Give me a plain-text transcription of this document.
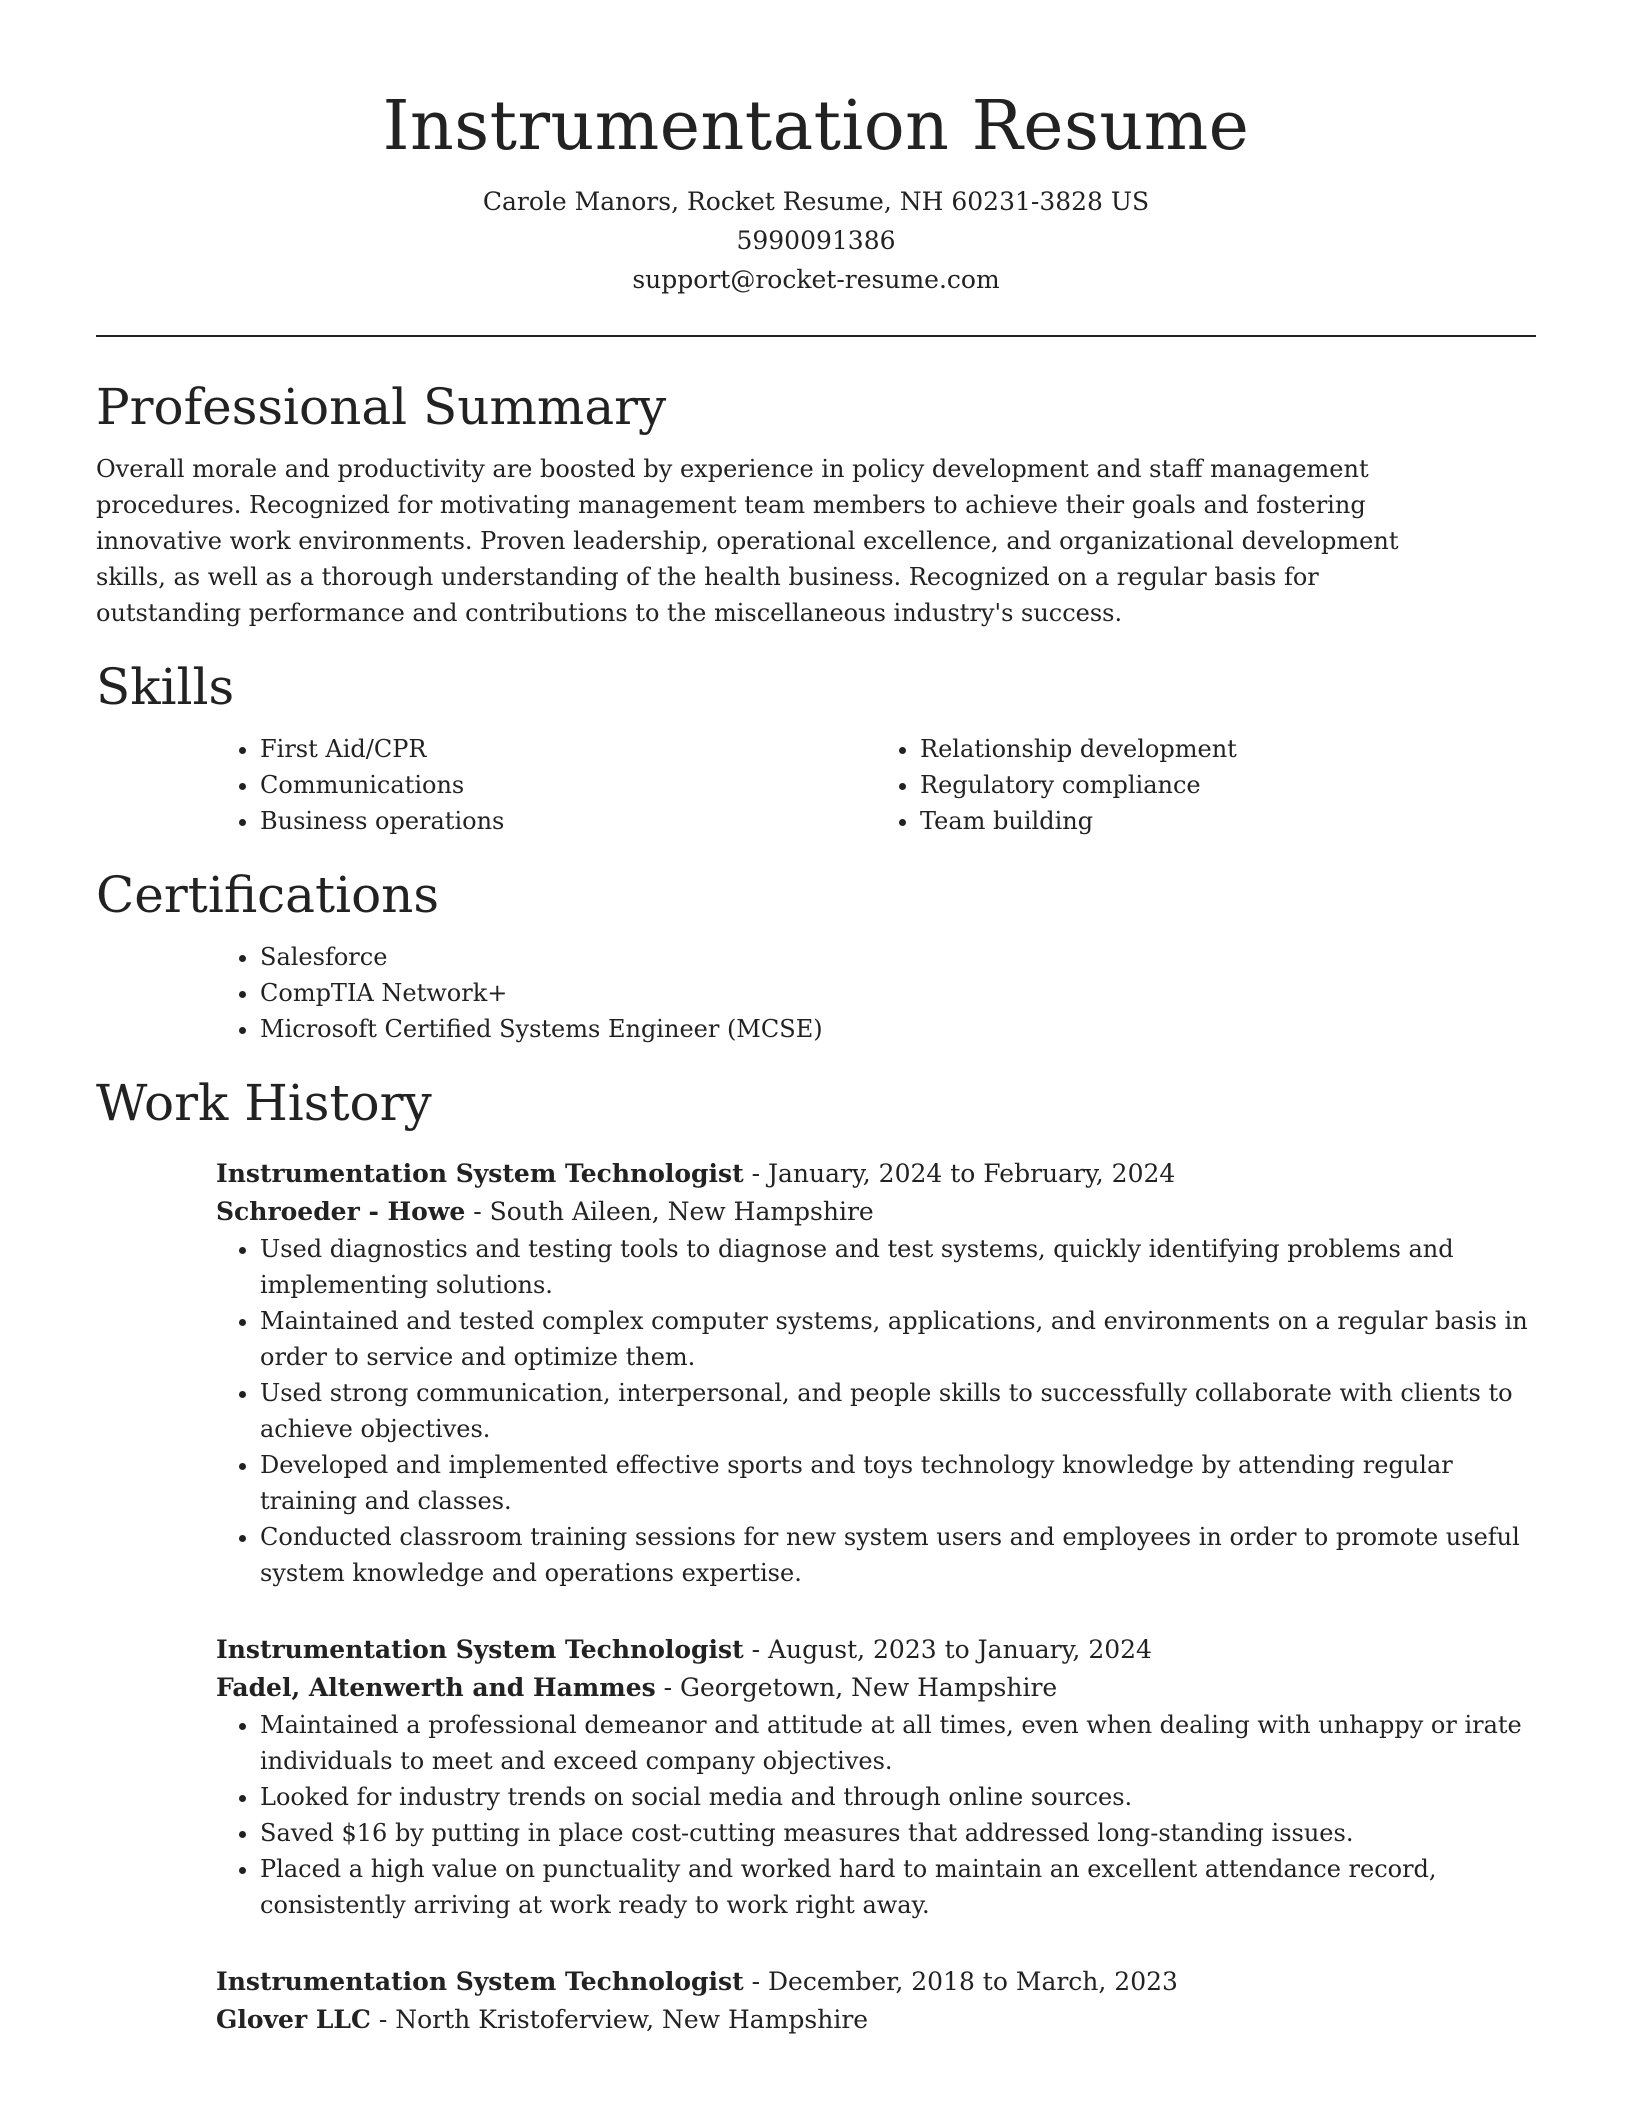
Instrumentation Resume
Carole Manors, Rocket Resume, NH 60231-3828 US
5990091386
support@rocket-resume.com
Professional Summary

Overall morale and productivity are boosted by experience in policy development and staff management procedures. Recognized for motivating management team members to achieve their goals and fostering innovative work environments. Proven leadership, operational excellence, and organizational development skills, as well as a thorough understanding of the health business. Recognized on a regular basis for outstanding performance and contributions to the miscellaneous industry's success.

Skills
• First Aid/CPR
• Communications
• Business operations
• Relationship development
• Regulatory compliance
• Team building
Certifications
• Salesforce
• CompTIA Network+
• Microsoft Certified Systems Engineer (MCSE)
Work History
Instrumentation System Technologist - January, 2024 to February, 2024
Schroeder - Howe - South Aileen, New Hampshire
• Used diagnostics and testing tools to diagnose and test systems, quickly identifying problems and implementing solutions.
• Maintained and tested complex computer systems, applications, and environments on a regular basis in order to service and optimize them.
• Used strong communication, interpersonal, and people skills to successfully collaborate with clients to achieve objectives.
• Developed and implemented effective sports and toys technology knowledge by attending regular training and classes.
• Conducted classroom training sessions for new system users and employees in order to promote useful system knowledge and operations expertise.
Instrumentation System Technologist - August, 2023 to January, 2024
Fadel, Altenwerth and Hammes - Georgetown, New Hampshire
• Maintained a professional demeanor and attitude at all times, even when dealing with unhappy or irate individuals to meet and exceed company objectives.
• Looked for industry trends on social media and through online sources.
• Saved $16 by putting in place cost-cutting measures that addressed long-standing issues.
• Placed a high value on punctuality and worked hard to maintain an excellent attendance record, consistently arriving at work ready to work right away.
Instrumentation System Technologist - December, 2018 to March, 2023
Glover LLC - North Kristoferview, New Hampshire
